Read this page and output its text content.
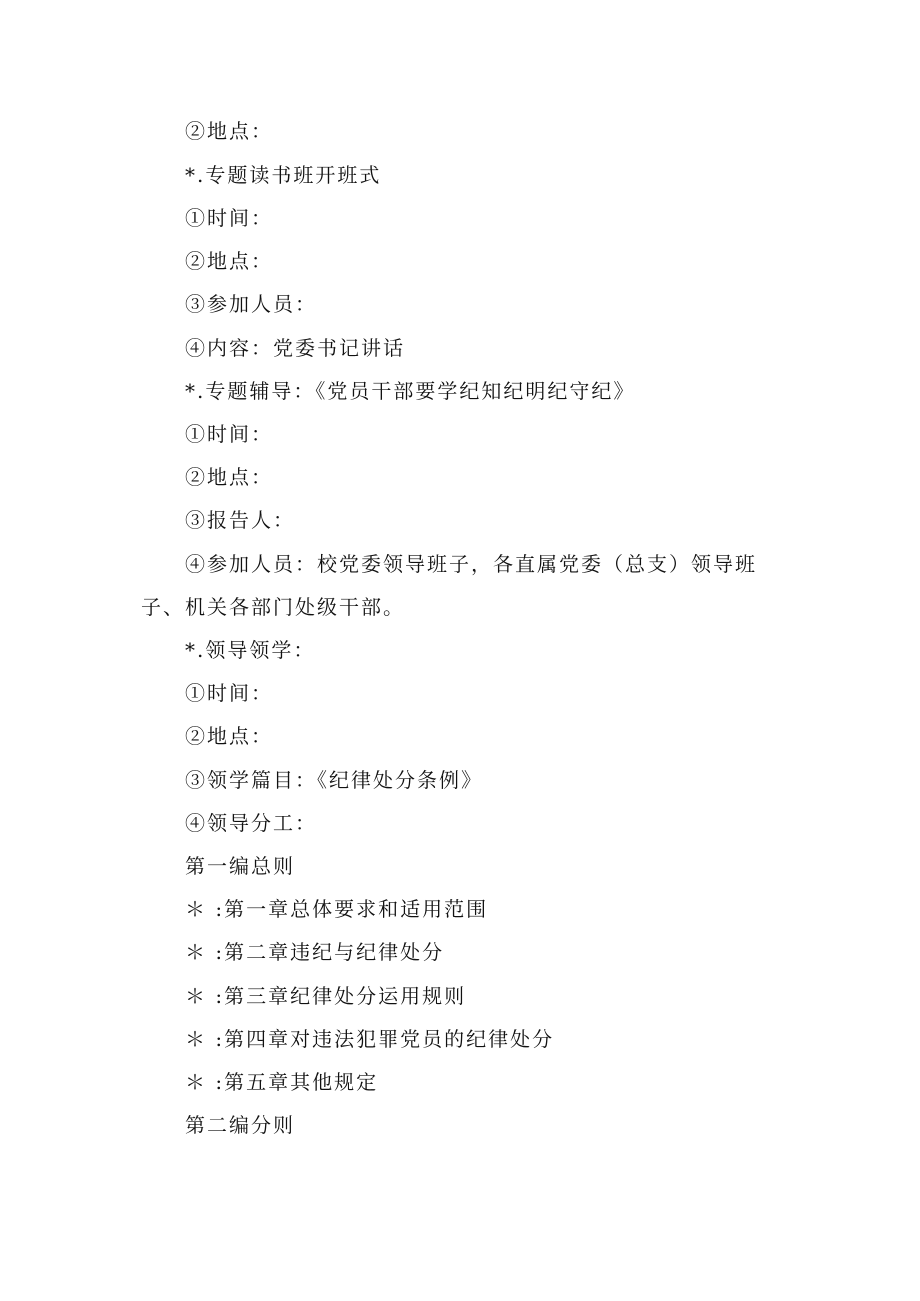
②地点：
*.专题读书班开班式
①时间：
②地点：
③参加人员：
④内容：党委书记讲话
*.专题辅导：《党员干部要学纪知纪明纪守纪》
①时间：
②地点：
③报告人：
④参加人员：校党委领导班子，各直属党委（总支）领导班
子、机关各部门处级干部。
*.领导领学：
①时间：
②地点：
③领学篇目：《纪律处分条例》
④领导分工：
第一编总则
＊ :第一章总体要求和适用范围
＊ :第二章违纪与纪律处分
＊ :第三章纪律处分运用规则
＊ :第四章对违法犯罪党员的纪律处分
＊ :第五章其他规定
第二编分则
